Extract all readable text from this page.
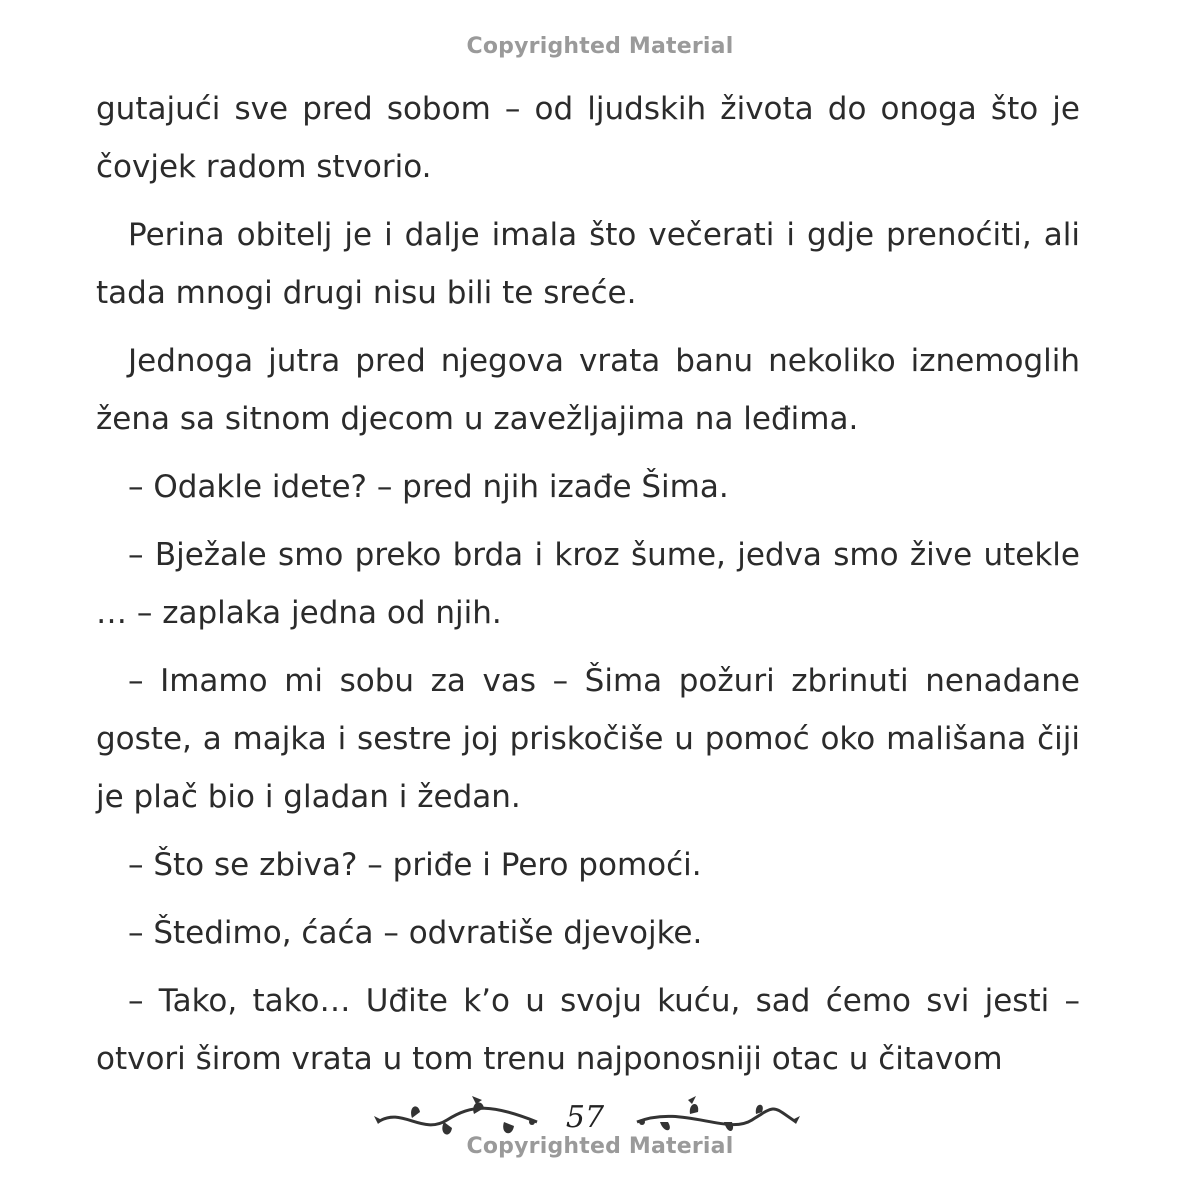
Copyrighted Material

gutajući sve pred sobom – od ljudskih života do onoga što je čovjek radom stvorio.

Perina obitelj je i dalje imala što večerati i gdje prenoćiti, ali tada mnogi drugi nisu bili te sreće.

Jednoga jutra pred njegova vrata banu nekoliko iznemoglih žena sa sitnom djecom u zavežljajima na leđima.

– Odakle idete? – pred njih izađe Šima.

– Bježale smo preko brda i kroz šume, jedva smo žive utekle … – zaplaka jedna od njih.

– Imamo mi sobu za vas – Šima požuri zbrinuti nenadane goste, a majka i sestre joj priskočiše u pomoć oko mališana čiji je plač bio i gladan i žedan.

– Što se zbiva? – priđe i Pero pomoći.

– Štedimo, ćaća – odvratiše djevojke.

– Tako, tako… Uđite k’o u svoju kuću, sad ćemo svi jesti – otvori širom vrata u tom trenu najponosniji otac u čitavom

57
Copyrighted Material
